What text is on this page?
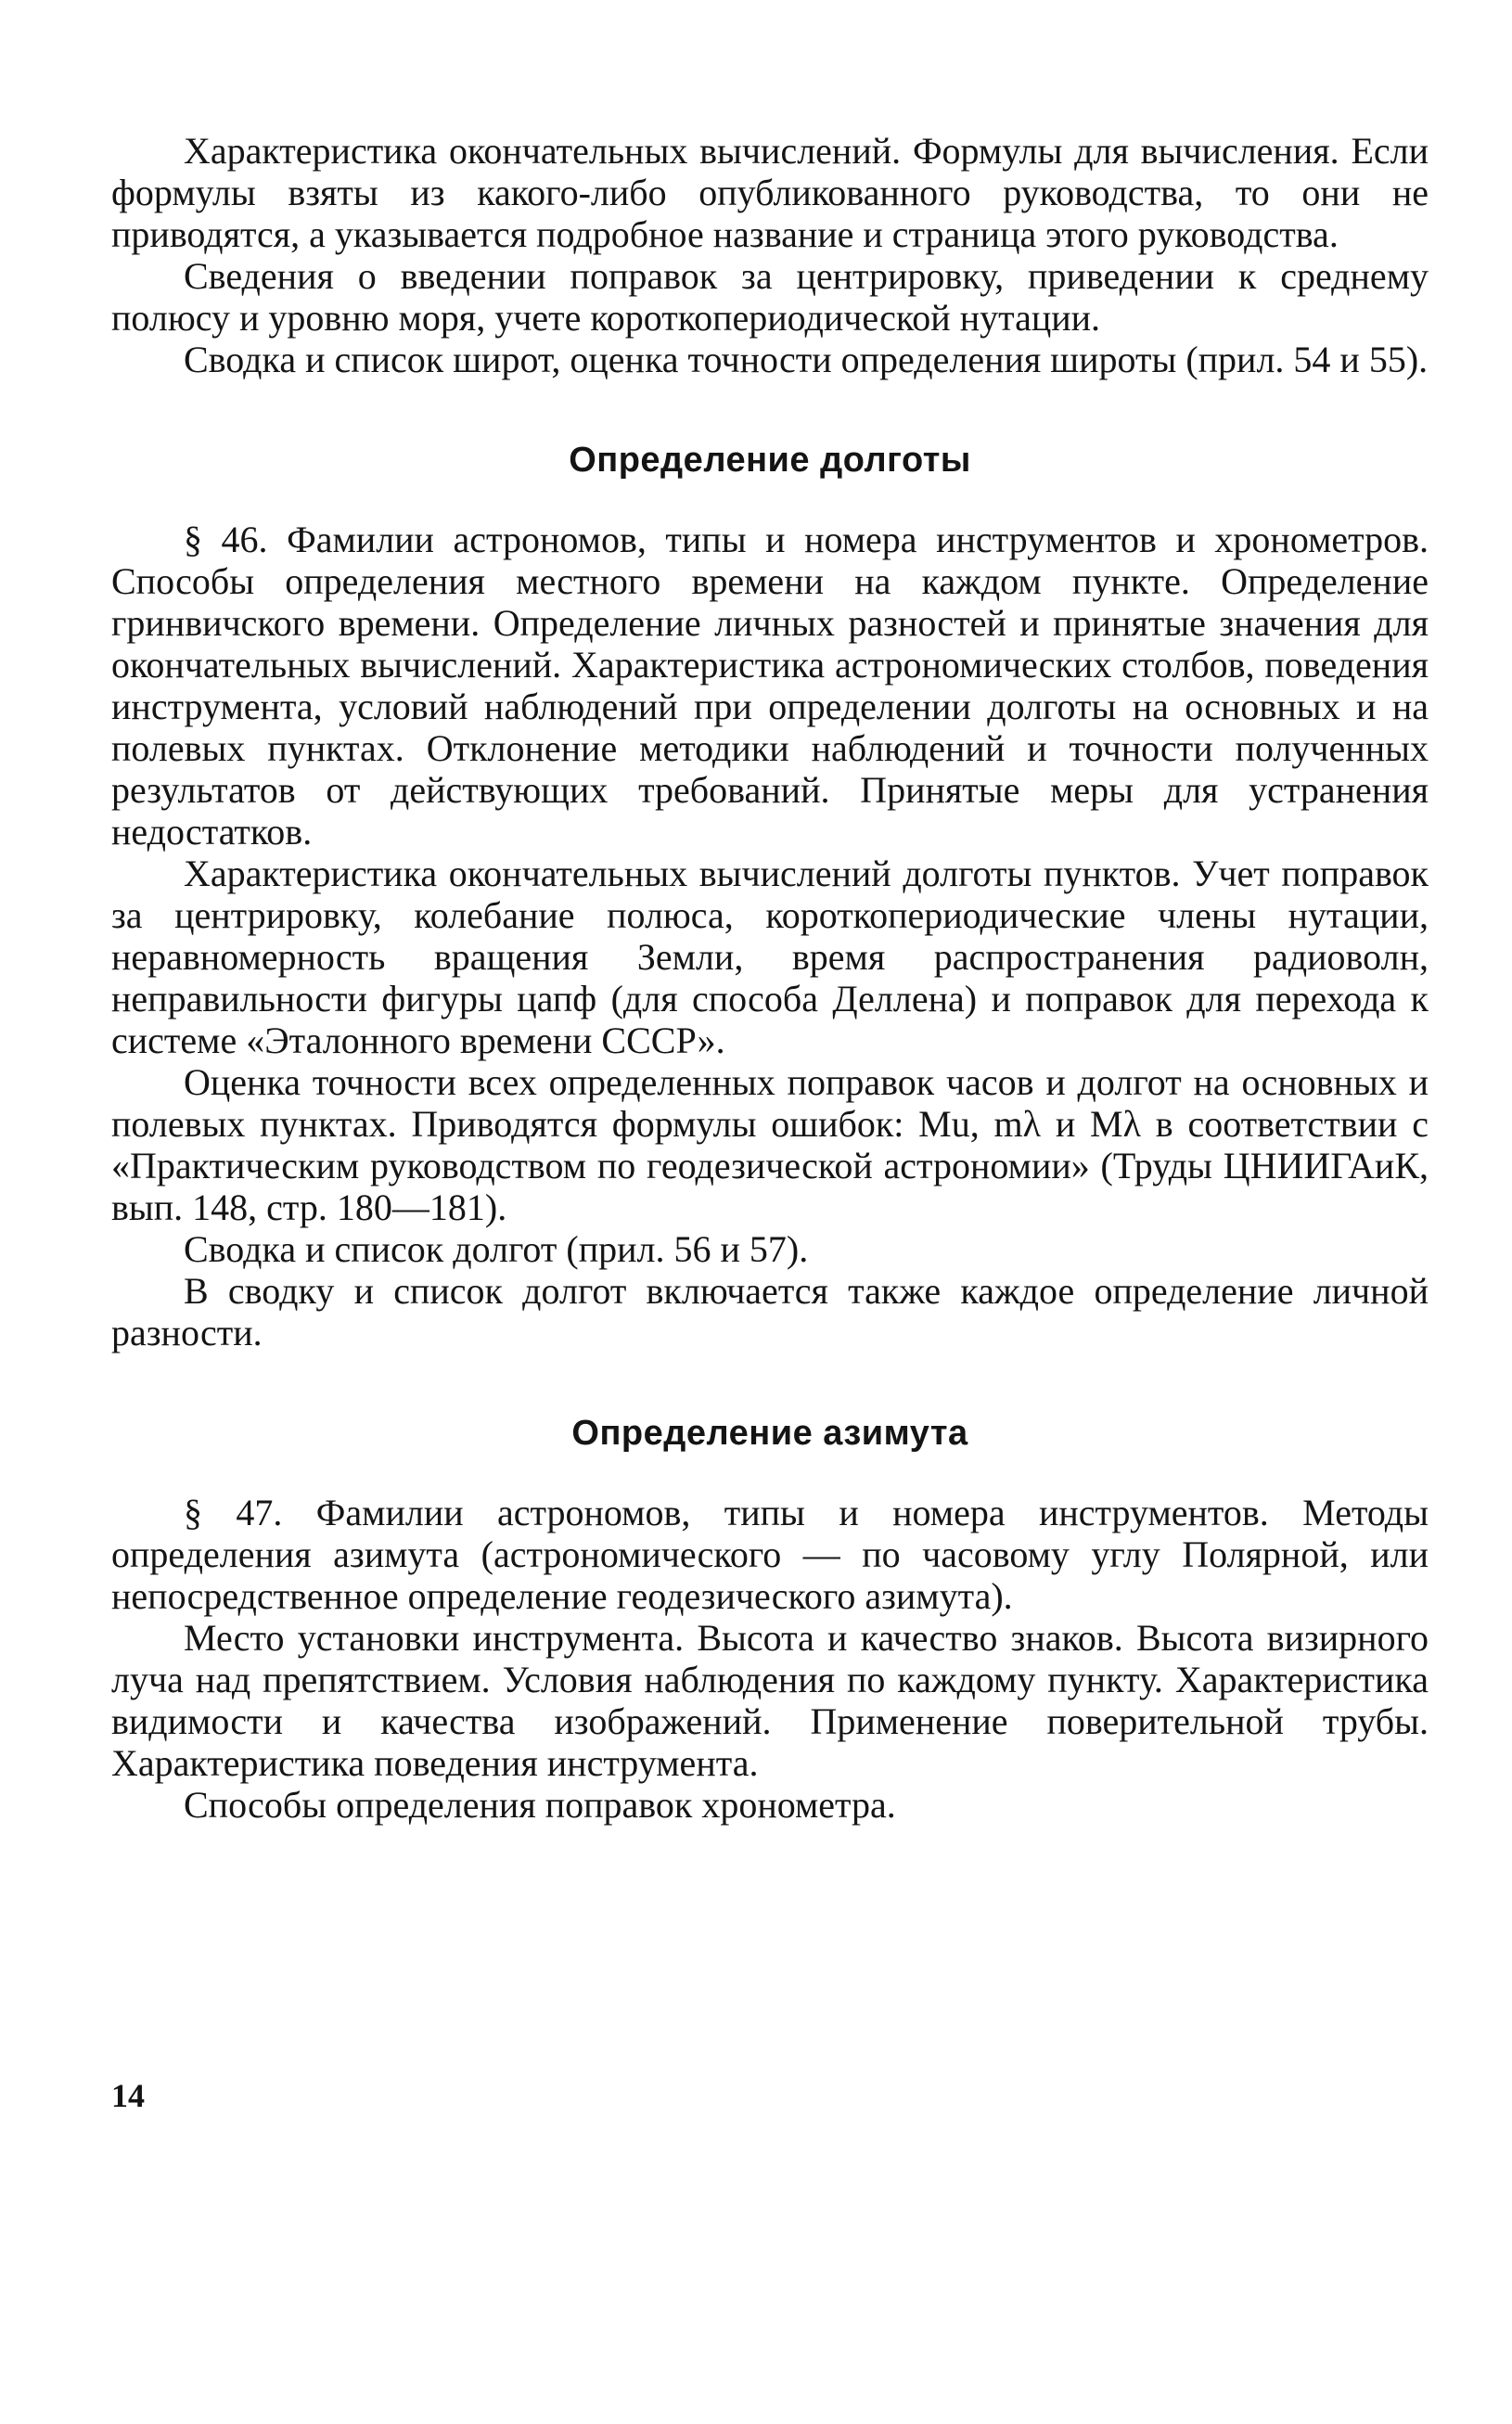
Характеристика окончательных вычислений. Формулы для вычисления. Если формулы взяты из какого-либо опубликованного руководства, то они не приводятся, а указывается подробное название и страница этого руководства.

Сведения о введении поправок за центрировку, приведении к среднему полюсу и уровню моря, учете короткопериодической нутации.

Сводка и список широт, оценка точности определения широты (прил. 54 и 55).

Определение долготы

§ 46. Фамилии астрономов, типы и номера инструментов и хронометров. Способы определения местного времени на каждом пункте. Определение гринвичского времени. Определение личных разностей и принятые значения для окончательных вычислений. Характеристика астрономических столбов, поведения инструмента, условий наблюдений при определении долготы на основных и на полевых пунктах. Отклонение методики наблюдений и точности полученных результатов от действующих требований. Принятые меры для устранения недостатков.

Характеристика окончательных вычислений долготы пунктов. Учет поправок за центрировку, колебание полюса, короткопериодические члены нутации, неравномерность вращения Земли, время распространения радиоволн, неправильности фигуры цапф (для способа Деллена) и поправок для перехода к системе «Эталонного времени СССР».

Оценка точности всех определенных поправок часов и долгот на основных и полевых пунктах. Приводятся формулы ошибок: Mu, mλ и Mλ в соответствии с «Практическим руководством по геодезической астрономии» (Труды ЦНИИГАиК, вып. 148, стр. 180—181).

Сводка и список долгот (прил. 56 и 57).

В сводку и список долгот включается также каждое определение личной разности.

Определение азимута

§ 47. Фамилии астрономов, типы и номера инструментов. Методы определения азимута (астрономического — по часовому углу Полярной, или непосредственное определение геодезического азимута).

Место установки инструмента. Высота и качество знаков. Высота визирного луча над препятствием. Условия наблюдения по каждому пункту. Характеристика видимости и качества изображений. Применение поверительной трубы. Характеристика поведения инструмента.

Способы определения поправок хронометра.

14
